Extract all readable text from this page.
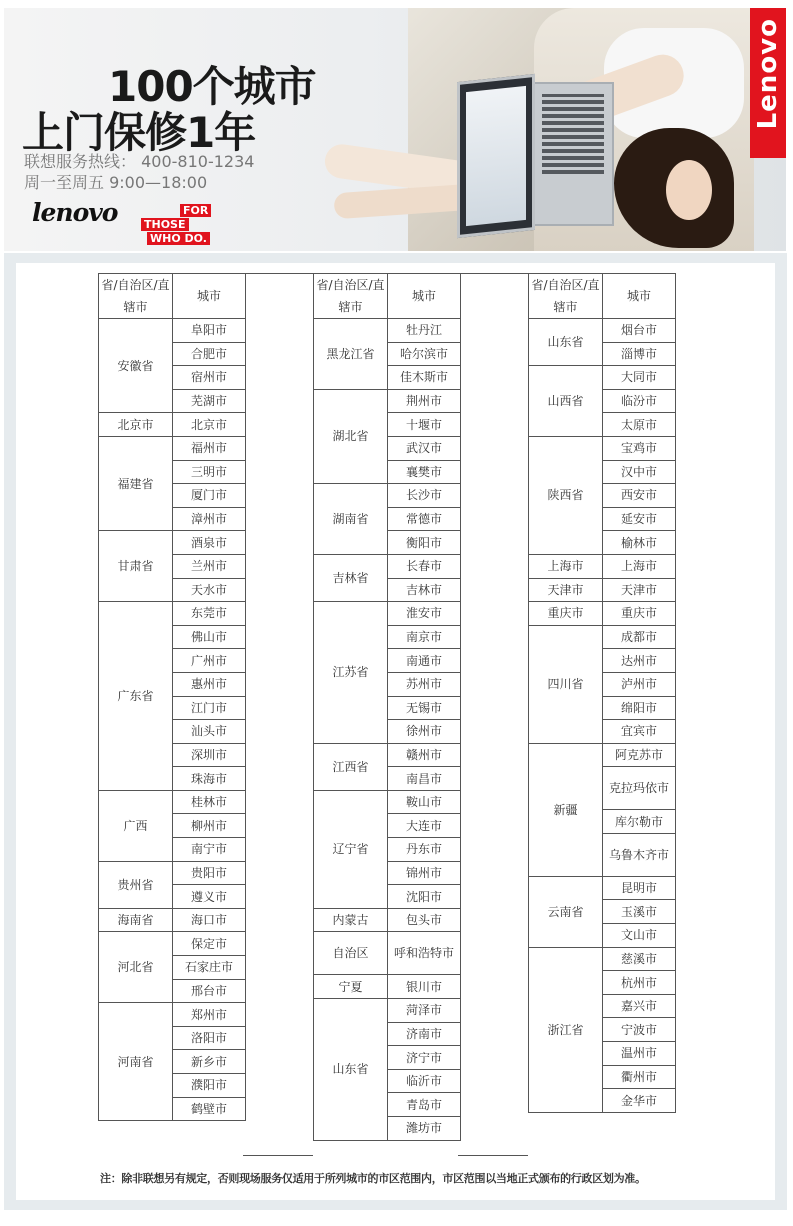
100个城市
上门保修1年
联想服务热线： 400-810-1234
周一至周五 9:00—18:00
lenovo	FOR
THOSE
WHO DO.
Lenovo
省/自治区/直辖市	城市
安徽省	阜阳市
	合肥市
	宿州市
	芜湖市
北京市	北京市
福建省	福州市
	三明市
	厦门市
	漳州市
甘肃省	酒泉市
	兰州市
	天水市
广东省	东莞市
	佛山市
	广州市
	惠州市
	江门市
	汕头市
	深圳市
	珠海市
广西	桂林市
	柳州市
	南宁市
贵州省	贵阳市
	遵义市
海南省	海口市
河北省	保定市
	石家庄市
	邢台市
河南省	郑州市
	洛阳市
	新乡市
	濮阳市
	鹤壁市
省/自治区/直辖市	城市
黑龙江省	牡丹江
	哈尔滨市
	佳木斯市
湖北省	荆州市
	十堰市
	武汉市
	襄樊市
湖南省	长沙市
	常德市
	衡阳市
吉林省	长春市
	吉林市
江苏省	淮安市
	南京市
	南通市
	苏州市
	无锡市
	徐州市
江西省	赣州市
	南昌市
辽宁省	鞍山市
	大连市
	丹东市
	锦州市
	沈阳市
内蒙古	包头市
自治区	呼和浩特市
宁夏	银川市
山东省	菏泽市
	济南市
	济宁市
	临沂市
	青岛市
	潍坊市
省/自治区/直辖市	城市
山东省	烟台市
	淄博市
山西省	大同市
	临汾市
	太原市
陕西省	宝鸡市
	汉中市
	西安市
	延安市
	榆林市
上海市	上海市
天津市	天津市
重庆市	重庆市
四川省	成都市
	达州市
	泸州市
	绵阳市
	宜宾市
新疆	阿克苏市
	克拉玛依市
	库尔勒市
	乌鲁木齐市
云南省	昆明市
	玉溪市
	文山市
浙江省	慈溪市
	杭州市
	嘉兴市
	宁波市
	温州市
	衢州市
	金华市
注：除非联想另有规定，否则现场服务仅适用于所列城市的市区范围内，市区范围以当地正式颁布的行政区划为准。
